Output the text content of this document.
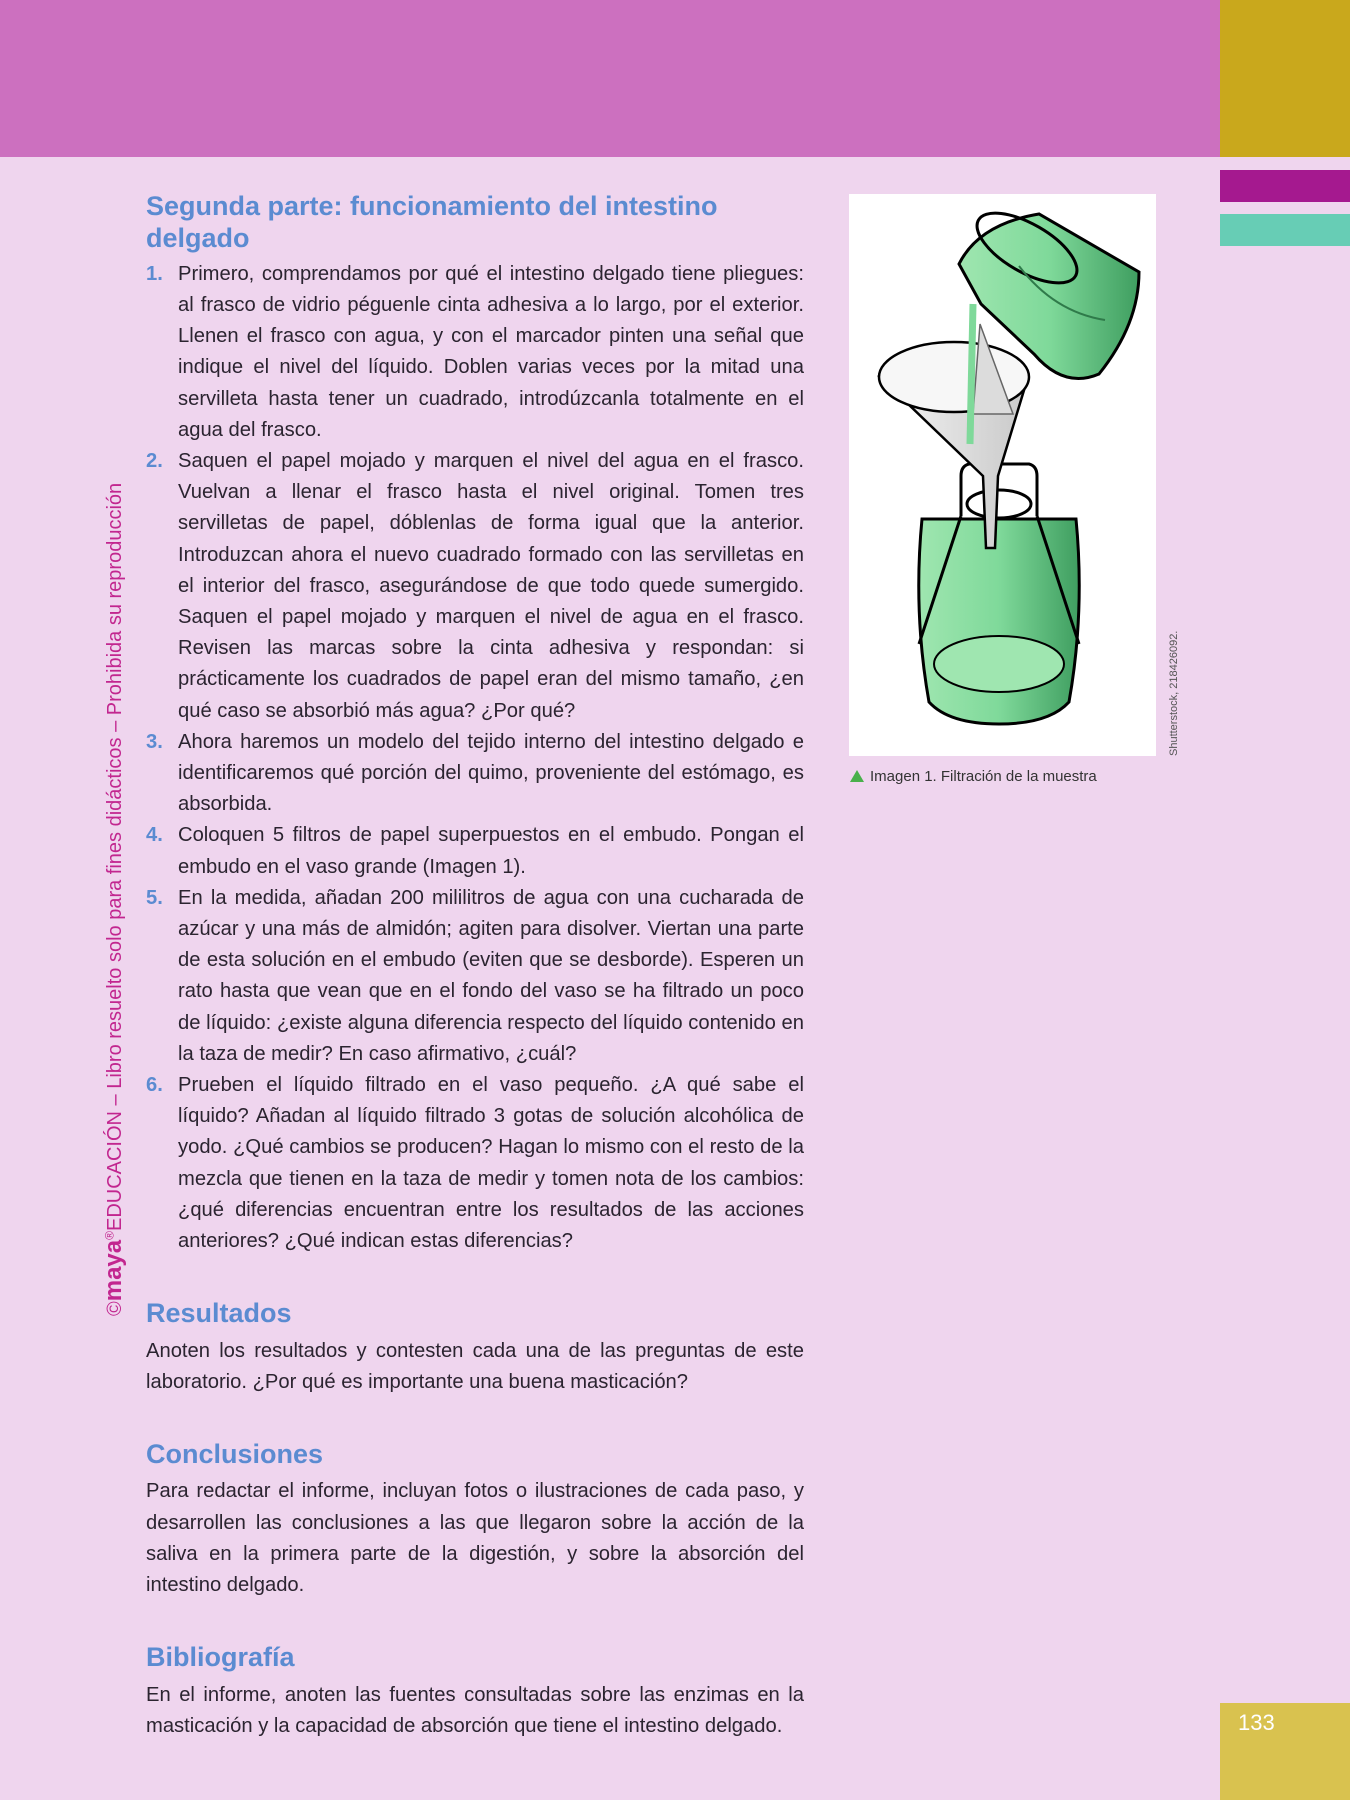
©maya®EDUCACIÓN – Libro resuelto solo para fines didácticos – Prohibida su reproducción
Segunda parte: funcionamiento del intestino delgado
1. Primero, comprendamos por qué el intestino delgado tiene pliegues: al frasco de vidrio péguenle cinta adhesiva a lo largo, por el exterior. Llenen el frasco con agua, y con el marcador pinten una señal que indique el nivel del líquido. Doblen varias veces por la mitad una servilleta hasta tener un cuadrado, introdúzcanla totalmente en el agua del frasco.
2. Saquen el papel mojado y marquen el nivel del agua en el frasco. Vuelvan a llenar el frasco hasta el nivel original. Tomen tres servilletas de papel, dóblenlas de forma igual que la anterior. Introduzcan ahora el nuevo cuadrado formado con las servilletas en el interior del frasco, asegurándose de que todo quede sumergido. Saquen el papel mojado y marquen el nivel de agua en el frasco. Revisen las marcas sobre la cinta adhesiva y respondan: si prácticamente los cuadrados de papel eran del mismo tamaño, ¿en qué caso se absorbió más agua? ¿Por qué?
3. Ahora haremos un modelo del tejido interno del intestino delgado e identificaremos qué porción del quimo, proveniente del estómago, es absorbida.
4. Coloquen 5 filtros de papel superpuestos en el embudo. Pongan el embudo en el vaso grande (Imagen 1).
5. En la medida, añadan 200 mililitros de agua con una cucharada de azúcar y una más de almidón; agiten para disolver. Viertan una parte de esta solución en el embudo (eviten que se desborde). Esperen un rato hasta que vean que en el fondo del vaso se ha filtrado un poco de líquido: ¿existe alguna diferencia respecto del líquido contenido en la taza de medir? En caso afirmativo, ¿cuál?
6. Prueben el líquido filtrado en el vaso pequeño. ¿A qué sabe el líquido? Añadan al líquido filtrado 3 gotas de solución alcohólica de yodo. ¿Qué cambios se producen? Hagan lo mismo con el resto de la mezcla que tienen en la taza de medir y tomen nota de los cambios: ¿qué diferencias encuentran entre los resultados de las acciones anteriores? ¿Qué indican estas diferencias?
Resultados

Anoten los resultados y contesten cada una de las preguntas de este laboratorio. ¿Por qué es importante una buena masticación?

Conclusiones

Para redactar el informe, incluyan fotos o ilustraciones de cada paso, y desarrollen las conclusiones a las que llegaron sobre la acción de la saliva en la primera parte de la digestión, y sobre la absorción del intestino delgado.

Bibliografía

En el informe, anoten las fuentes consultadas sobre las enzimas en la masticación y la capacidad de absorción que tiene el intestino delgado.

Shutterstock, 218426092.
Imagen 1. Filtración de la muestra
133
